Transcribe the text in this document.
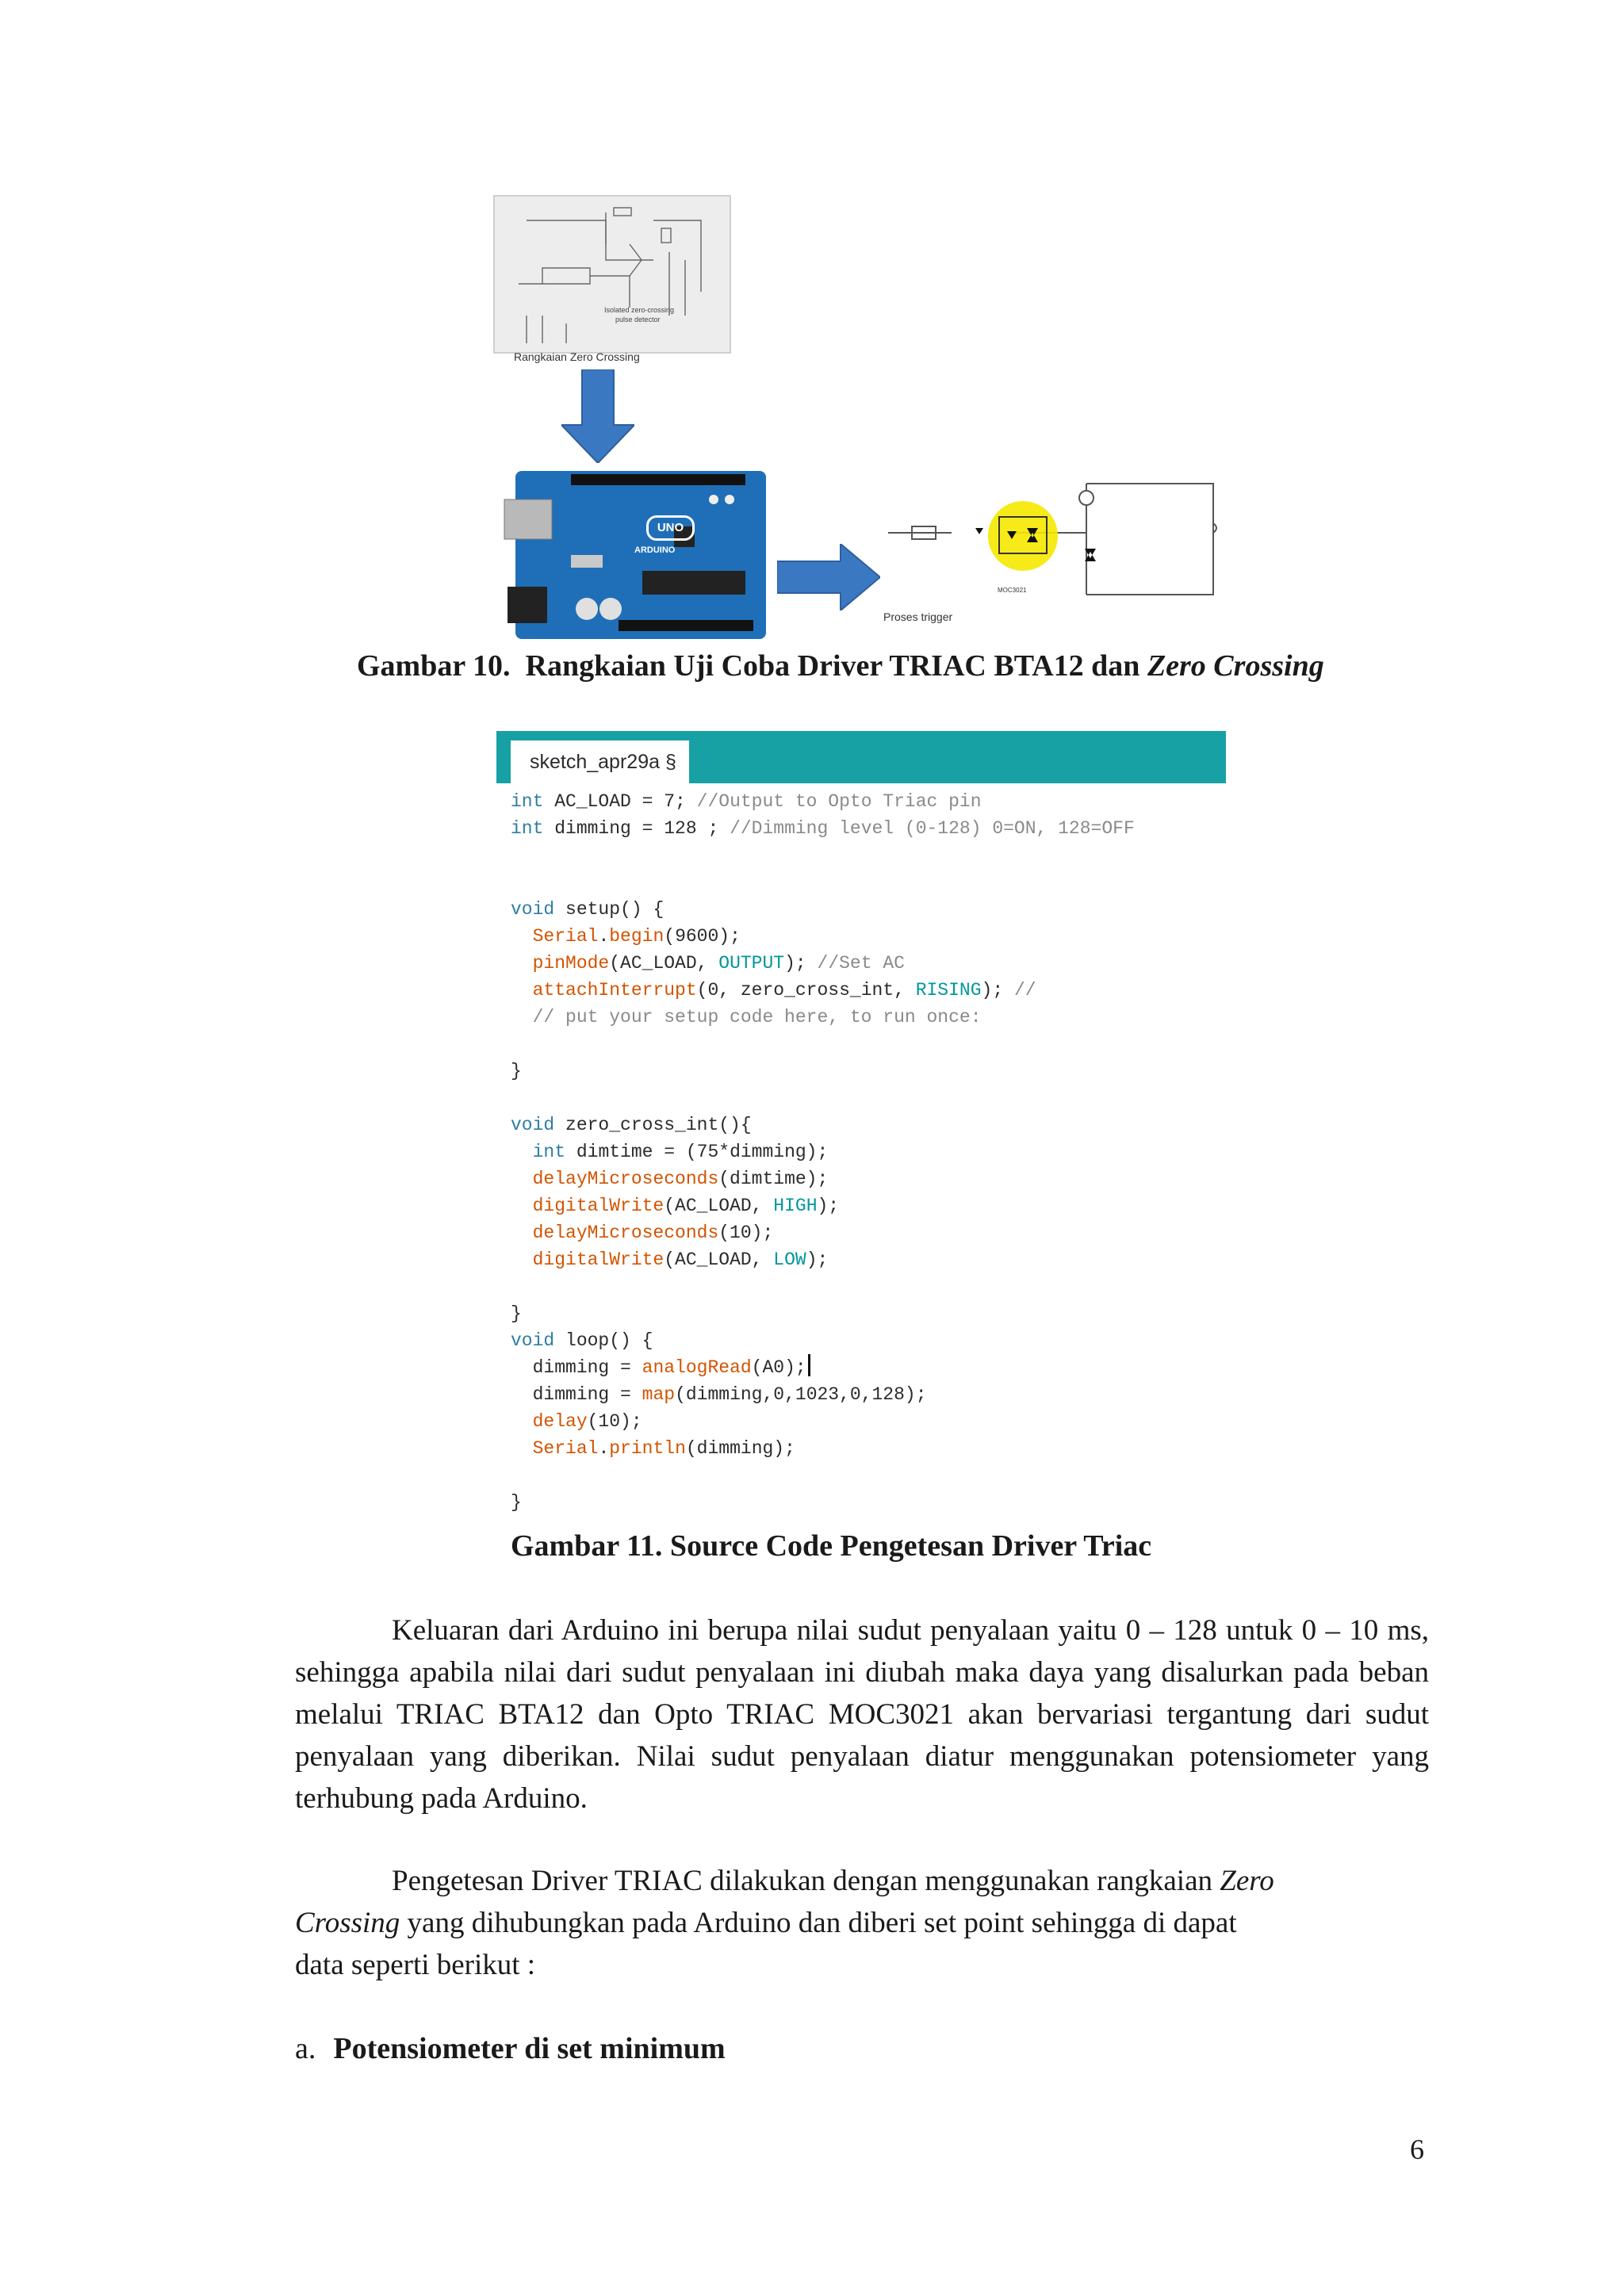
Isolated zero-crossing
pulse detector
Rangkaian Zero Crossing
UNO
ARDUINO
MOC3021
Proses trigger
Gambar 10.  Rangkaian Uji Coba Driver TRIAC BTA12 dan Zero Crossing
sketch_apr29a §
int AC_LOAD = 7; //Output to Opto Triac pin
int dimming = 128 ; //Dimming level (0-128) 0=ON, 128=OFF

void setup() {
Serial.begin(9600);
pinMode(AC_LOAD, OUTPUT); //Set AC
attachInterrupt(0, zero_cross_int, RISING); //
// put your setup code here, to run once:

}

void zero_cross_int(){
int dimtime = (75*dimming);
delayMicroseconds(dimtime);
digitalWrite(AC_LOAD, HIGH);
delayMicroseconds(10);
digitalWrite(AC_LOAD, LOW);

}
void loop() {
dimming = analogRead(A0);
dimming = map(dimming,0,1023,0,128);
delay(10);
Serial.println(dimming);

}
Gambar 11. Source Code Pengetesan Driver Triac
Keluaran dari Arduino ini berupa nilai sudut penyalaan yaitu 0 – 128 untuk 0 – 10 ms, sehingga apabila nilai dari sudut penyalaan ini diubah maka daya yang disalurkan pada beban melalui TRIAC BTA12 dan Opto TRIAC MOC3021 akan bervariasi tergantung dari sudut penyalaan yang diberikan. Nilai sudut penyalaan diatur menggunakan potensiometer yang terhubung pada Arduino.
Pengetesan Driver TRIAC dilakukan dengan menggunakan rangkaian Zero
Crossing yang dihubungkan pada Arduino dan diberi set point sehingga di dapat
data seperti berikut :
a. Potensiometer di set minimum
6
